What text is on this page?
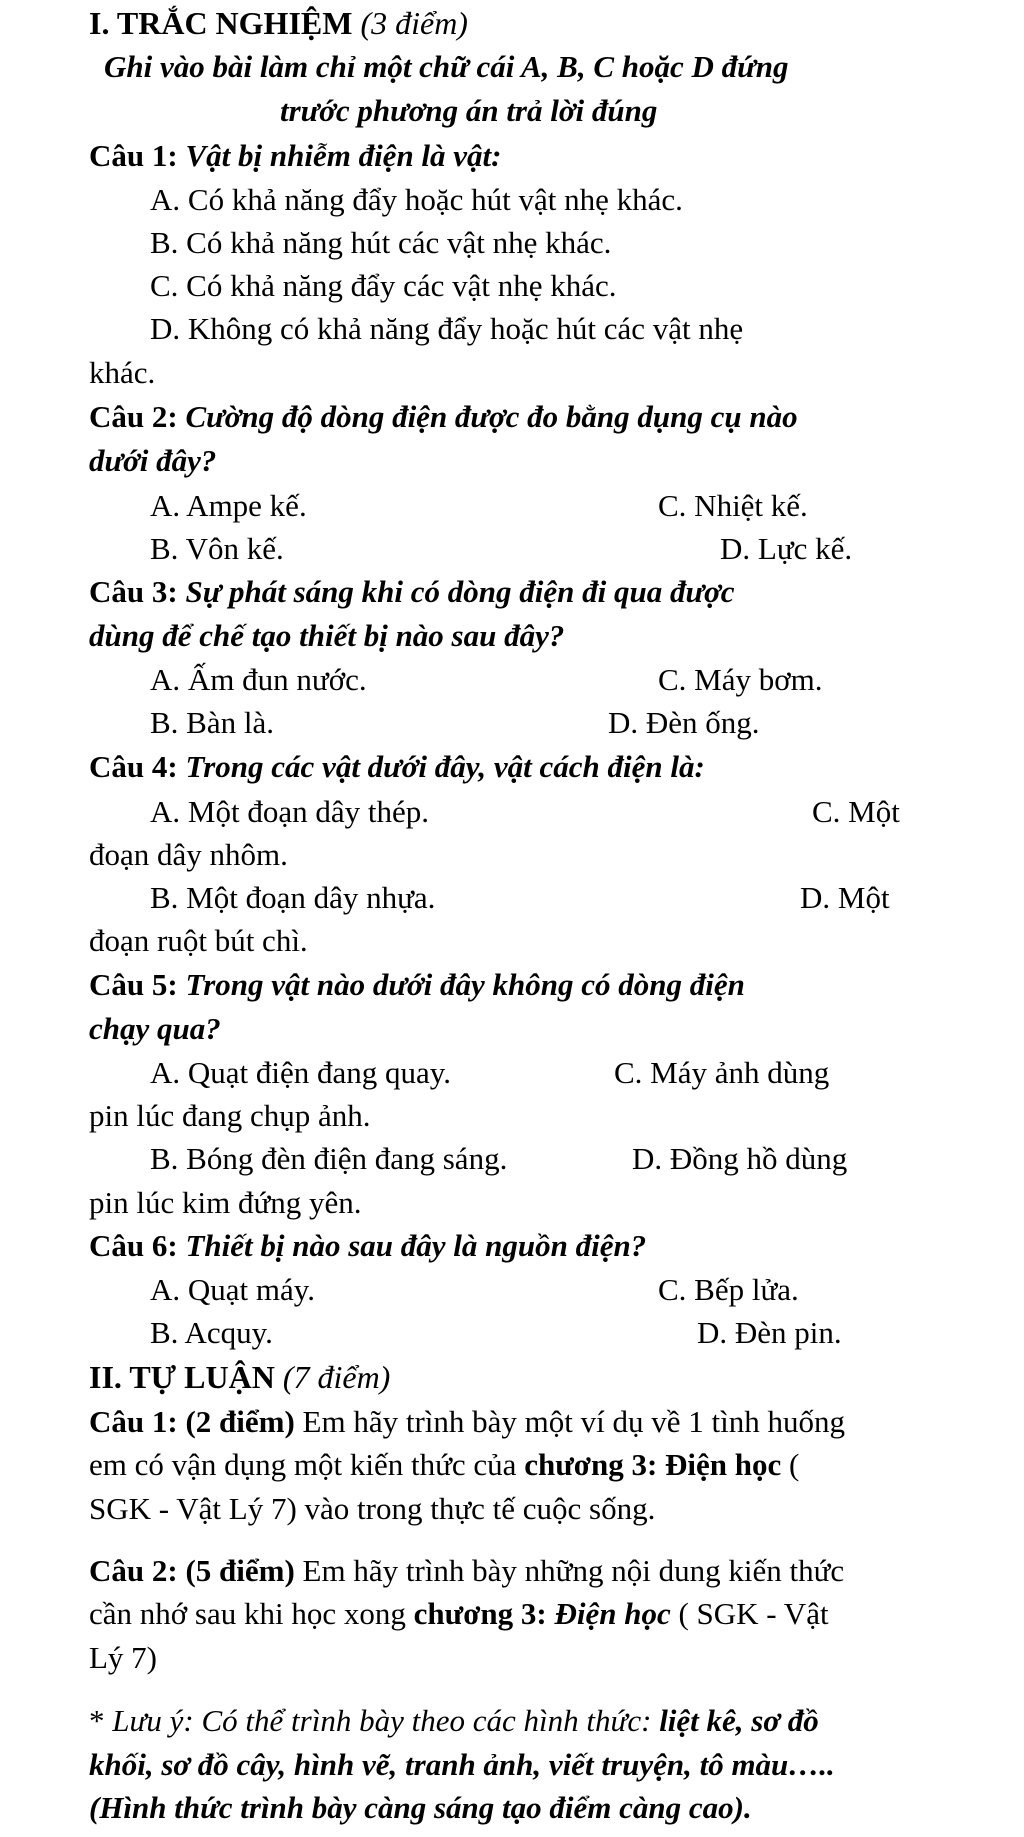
I. TRẮC NGHIỆM (3 điểm)
Ghi vào bài làm chỉ một chữ cái A, B, C hoặc D đứng
trước phương án trả lời đúng
Câu 1: Vật bị nhiễm điện là vật:
A. Có khả năng đẩy hoặc hút vật nhẹ khác.
B. Có khả năng hút các vật nhẹ khác.
C. Có khả năng đẩy các vật nhẹ khác.
D. Không có khả năng đẩy hoặc hút các vật nhẹ
khác.
Câu 2: Cường độ dòng điện được đo bằng dụng cụ nào
dưới đây?
A. Ampe kế.	C. Nhiệt kế.
B. Vôn kế.	D. Lực kế.
Câu 3: Sự phát sáng khi có dòng điện đi qua được
dùng để chế tạo thiết bị nào sau đây?
A. Ấm đun nước.	C. Máy bơm.
B. Bàn là.	D. Đèn ống.
Câu 4: Trong các vật dưới đây, vật cách điện là:
A. Một đoạn dây thép.	C. Một
đoạn dây nhôm.
B. Một đoạn dây nhựa.	D. Một
đoạn ruột bút chì.
Câu 5: Trong vật nào dưới đây không có dòng điện
chạy qua?
A. Quạt điện đang quay.	C. Máy ảnh dùng
pin lúc đang chụp ảnh.
B. Bóng đèn điện đang sáng.	D. Đồng hồ dùng
pin lúc kim đứng yên.
Câu 6: Thiết bị nào sau đây là nguồn điện?
A. Quạt máy.	C. Bếp lửa.
B. Acquy.	D. Đèn pin.
II. TỰ LUẬN (7 điểm)
Câu 1: (2 điểm) Em hãy trình bày một ví dụ về 1 tình huống
em có vận dụng một kiến thức của chương 3: Điện học (
SGK - Vật Lý 7) vào trong thực tế cuộc sống.
Câu 2: (5 điểm) Em hãy trình bày những nội dung kiến thức
cần nhớ sau khi học xong chương 3: Điện học ( SGK - Vật
Lý 7)
* Lưu ý: Có thể trình bày theo các hình thức: liệt kê, sơ đồ
khối, sơ đồ cây, hình vẽ, tranh ảnh, viết truyện, tô màu…..
(Hình thức trình bày càng sáng tạo điểm càng cao).
